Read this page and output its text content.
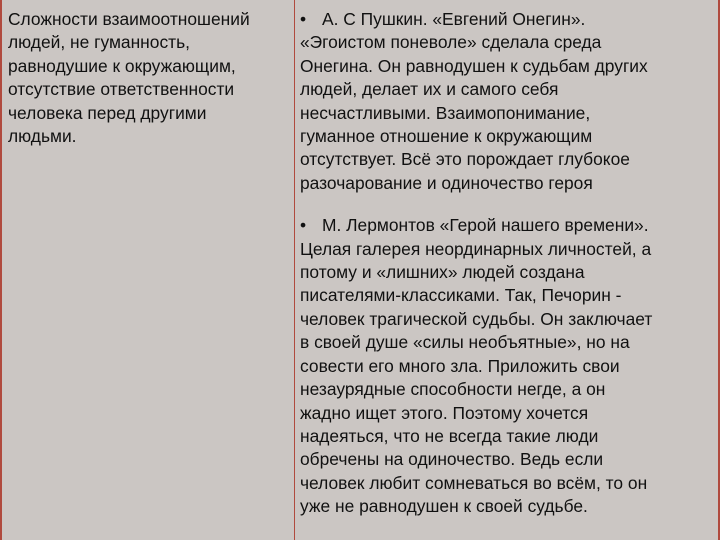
Сложности взаимоотношений
людей, не гуманность,
равнодушие к окружающим,
отсутствие ответственности
человека перед другими
людьми.

• А. С Пушкин. «Евгений Онегин».

«Эгоистом поневоле» сделала среда
Онегина. Он равнодушен к судьбам других
людей, делает их и самого себя
несчастливыми. Взаимопонимание,
гуманное отношение к окружающим
отсутствует. Всё это порождает глубокое
разочарование и одиночество героя

• М. Лермонтов «Герой нашего времени».

Целая галерея неординарных личностей, а
потому и «лишних» людей создана
писателями-классиками. Так, Печорин -
человек трагической судьбы. Он заключает
в своей душе «силы необъятные», но на
совести его много зла. Приложить свои
незаурядные способности негде, а он
жадно ищет этого. Поэтому хочется
надеяться, что не всегда такие люди
обречены на одиночество. Ведь если
человек любит сомневаться во всём, то он
уже не равнодушен к своей судьбе.
